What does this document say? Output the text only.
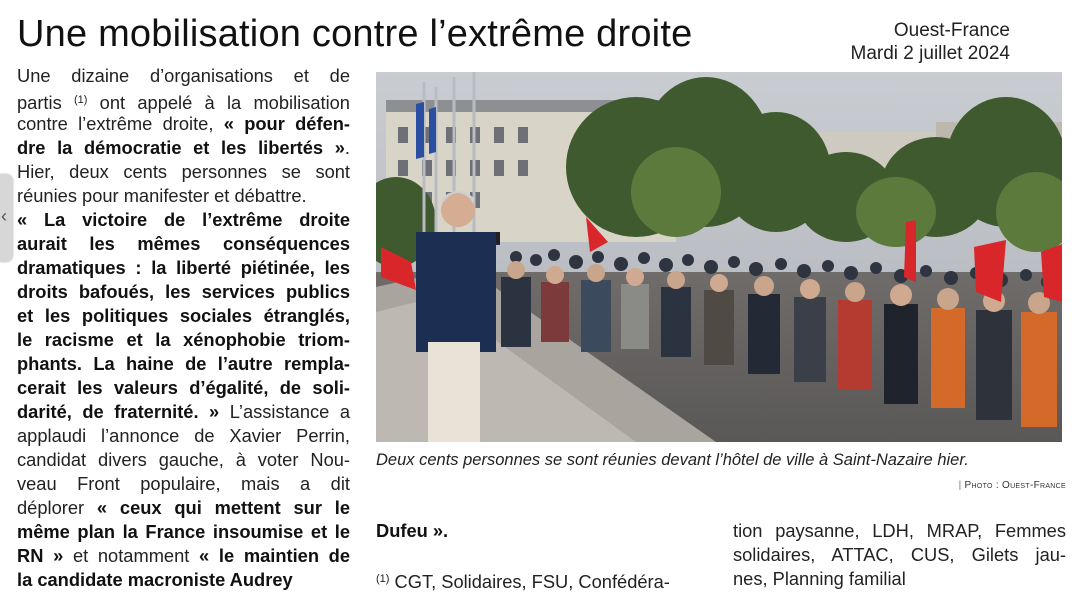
Une mobilisation contre l’extrême droite	Ouest-France
Mardi 2 juillet 2024
‹
Une dizaine d’organisations et de
partis $^{(1)}$ ont appelé à la mobilisation
contre l’extrême droite, « pour défen-
dre la démocratie et les libertés ».
Hier, deux cents personnes se sont
réunies pour manifester et débattre.
« La victoire de l’extrême droite
aurait les mêmes conséquences
dramatiques : la liberté piétinée, les
droits bafoués, les services publics
et les politiques sociales étranglés,
le racisme et la xénophobie triom-
phants. La haine de l’autre rempla-
cerait les valeurs d’égalité, de soli-
darité, de fraternité. » L’assistance a
applaudi l’annonce de Xavier Perrin,
candidat divers gauche, à voter Nou-
veau Front populaire, mais a dit
déplorer « ceux qui mettent sur le
même plan la France insoumise et le
RN » et notamment « le maintien de
la candidate macroniste Audrey
Deux cents personnes se sont réunies devant l’hôtel de ville à Saint-Nazaire hier.
| Photo : Ouest-France
Dufeu ».
$^{(1)}$ CGT, Solidaires, FSU, Confédéra-
tion paysanne, LDH, MRAP, Femmes
solidaires, ATTAC, CUS, Gilets jau-
nes, Planning familial
